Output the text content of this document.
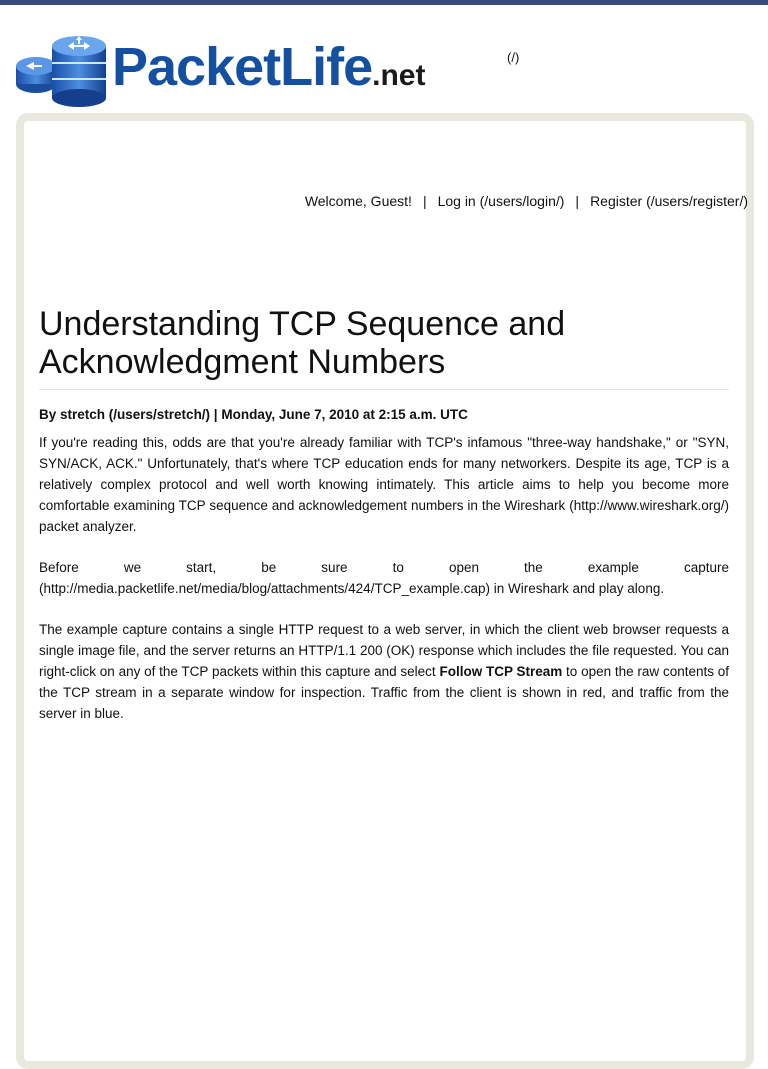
PacketLife.net
(/)
Welcome, Guest! | Log in (/users/login/) | Register (/users/register/)
Understanding TCP Sequence and Acknowledgment Numbers
By stretch (/users/stretch/) | Monday, June 7, 2010 at 2:15 a.m. UTC

If you're reading this, odds are that you're already familiar with TCP's infamous "three-way handshake," or "SYN, SYN/ACK, ACK." Unfortunately, that's where TCP education ends for many networkers. Despite its age, TCP is a relatively complex protocol and well worth knowing intimately. This article aims to help you become more comfortable examining TCP sequence and acknowledgement numbers in the Wireshark (http://www.wireshark.org/) packet analyzer.

Before we start, be sure to open the example capture (http://media.packetlife.net/media/blog/attachments/424/TCP_example.cap) in Wireshark and play along.

The example capture contains a single HTTP request to a web server, in which the client web browser requests a single image file, and the server returns an HTTP/1.1 200 (OK) response which includes the file requested. You can right-click on any of the TCP packets within this capture and select Follow TCP Stream to open the raw contents of the TCP stream in a separate window for inspection. Traffic from the client is shown in red, and traffic from the server in blue.
